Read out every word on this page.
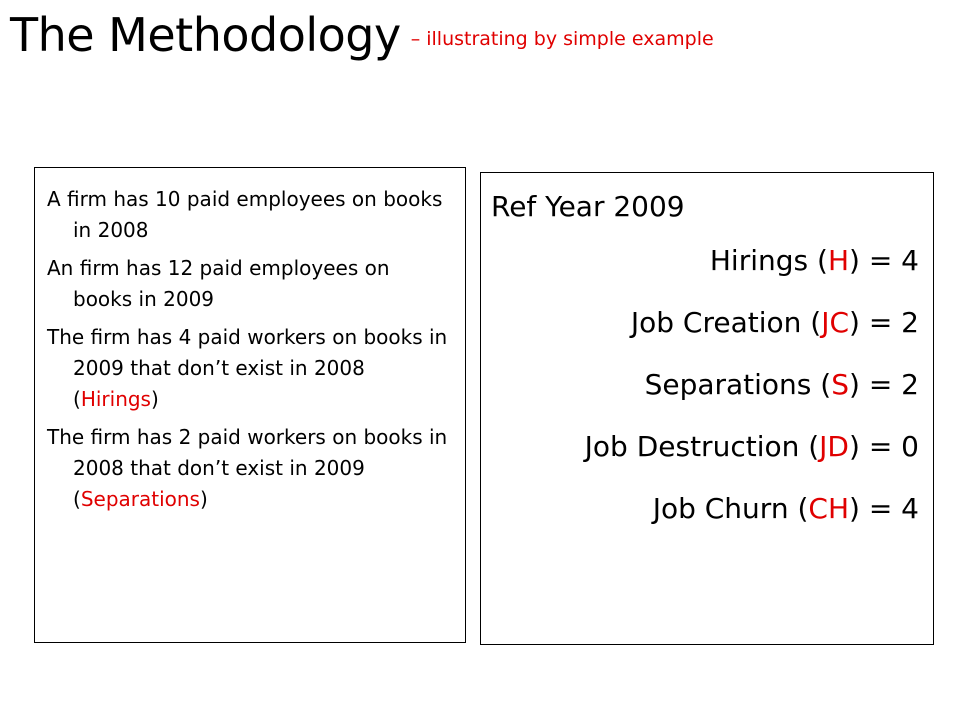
The Methodology – illustrating by simple example

A firm has 10 paid employees on books in 2008

An firm has 12 paid employees on books in 2009

The firm has 4 paid workers on books in 2009 that don’t exist in 2008 (Hirings)

The firm has 2 paid workers on books in 2008 that don’t exist in 2009 (Separations)

Ref Year 2009

Hirings (H) = 4

Job Creation (JC) = 2

Separations (S) = 2

Job Destruction (JD) = 0

Job Churn (CH) = 4
